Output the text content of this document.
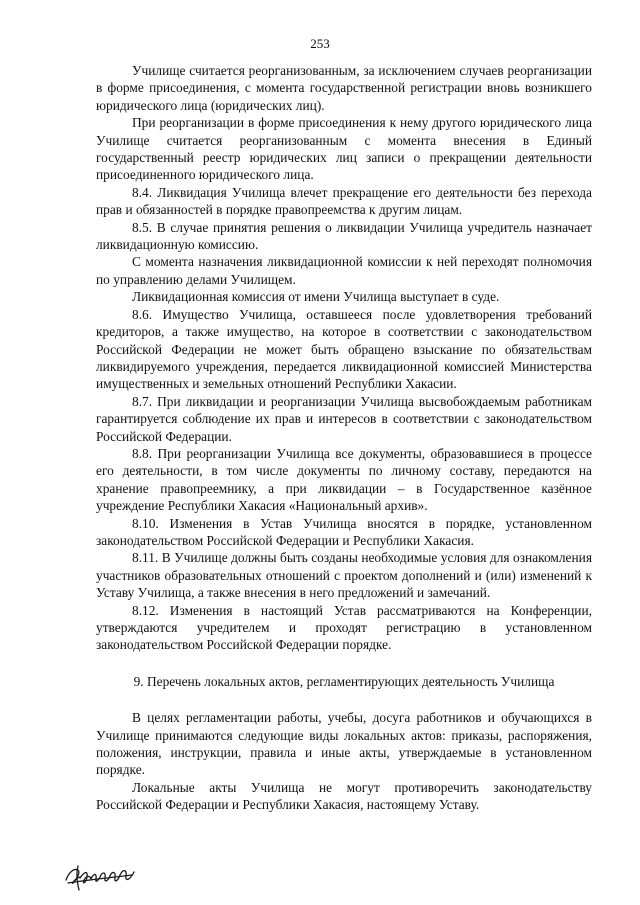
253

Училище считается реорганизованным, за исключением случаев реорганизации в форме присоединения, с момента государственной регистрации вновь возникшего юридического лица (юридических лиц).

При реорганизации в форме присоединения к нему другого юридического лица Училище считается реорганизованным с момента внесения в Единый государственный реестр юридических лиц записи о прекращении деятельности присоединенного юридического лица.

8.4. Ликвидация Училища влечет прекращение его деятельности без перехода прав и обязанностей в порядке правопреемства к другим лицам.

8.5. В случае принятия решения о ликвидации Училища учредитель назначает ликвидационную комиссию.

С момента назначения ликвидационной комиссии к ней переходят полномочия по управлению делами Училищем.

Ликвидационная комиссия от имени Училища выступает в суде.

8.6. Имущество Училища, оставшееся после удовлетворения требований кредиторов, а также имущество, на которое в соответствии с законодательством Российской Федерации не может быть обращено взыскание по обязательствам ликвидируемого учреждения, передается ликвидационной комиссией Министерства имущественных и земельных отношений Республики Хакасии.

8.7. При ликвидации и реорганизации Училища высвобождаемым работникам гарантируется соблюдение их прав и интересов в соответствии с законодательством Российской Федерации.

8.8. При реорганизации Училища все документы, образовавшиеся в процессе его деятельности, в том числе документы по личному составу, передаются на хранение правопреемнику, а при ликвидации – в Государственное казённое учреждение Республики Хакасия «Национальный архив».

8.10. Изменения в Устав Училища вносятся в порядке, установленном законодательством Российской Федерации и Республики Хакасия.

8.11. В Училище должны быть созданы необходимые условия для ознакомления участников образовательных отношений с проектом дополнений и (или) изменений к Уставу Училища, а также внесения в него предложений и замечаний.

8.12. Изменения в настоящий Устав рассматриваются на Конференции, утверждаются учредителем и проходят регистрацию в установленном законодательством Российской Федерации порядке.

9. Перечень локальных актов, регламентирующих деятельность Училища

В целях регламентации работы, учебы, досуга работников и обучающихся в Училище принимаются следующие виды локальных актов: приказы, распоряжения, положения, инструкции, правила и иные акты, утверждаемые в установленном порядке.

Локальные акты Училища не могут противоречить законодательству Российской Федерации и Республики Хакасия, настоящему Уставу.
